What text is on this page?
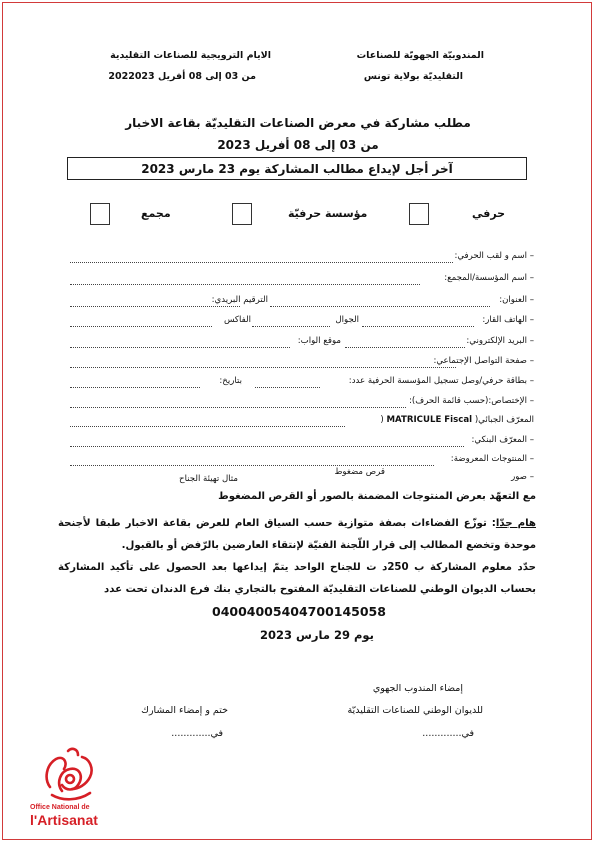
المندوبيّة الجهويّة للصناعات
التقليديّة بولاية تونس
الايام الترويجية للصناعات التقليدية
من 03 إلى 08 أفريل 2022023
مطلب مشاركة في معرض الصناعات التقليديّة بقاعة الاخبار
من 03 إلى 08 أفريل 2023
آخر أجل لإيداع مطالب المشاركة يوم 23 مارس 2023
حرفي
مؤسسة حرفيّة
مجمع
– اسم و لقب الحرفي:
– اسم المؤسسة/المجمع:
– العنوان:
الترقيم البريدي:
– الهاتف القار:
الجوال
الفاكس
– البريد الإلكتروني:
موقع الواب:
– صفحة التواصل الإجتماعي:
– بطاقة حرفي/وصل تسجيل المؤسسة الحرفية عدد:
بتاريخ:
– الإختصاص:(حسب قائمة الحرف):
) MATRICULE Fiscal المعرّف الجبائي(
– المعرّف البنكي:
– المنتوجات المعروضة:
– صور
قرص مضغوط
مثال تهيئة الجناح
مع التعهّد بعرض المنتوجات المضمنة بالصور أو القرص المضغوط
هام جدّا: توزّع الفضاءات بصفة متوازية حسب السياق العام للعرض بقاعة الاخبار طبقا لأجنحة موحدة وتخضع المطالب إلى قرار اللّجنة الفنيّة لإنتقاء العارضين بالرّفض أو بالقبول.
حدّد معلوم المشاركة ب 250د ت للجناح الواحد يتمّ إيداعها بعد الحصول على تأكيد المشاركة بحساب الديوان الوطني للصناعات التقليديّة المفتوح بالتجاري بنك فرع الدندان تحت عدد
04004005404700145058
يوم 29 مارس 2023
إمضاء المندوب الجهوي
للديوان الوطني للصناعات التقليديّة
في.............
ختم و إمضاء المشارك
في.............
Office National de
l'Artisanat
